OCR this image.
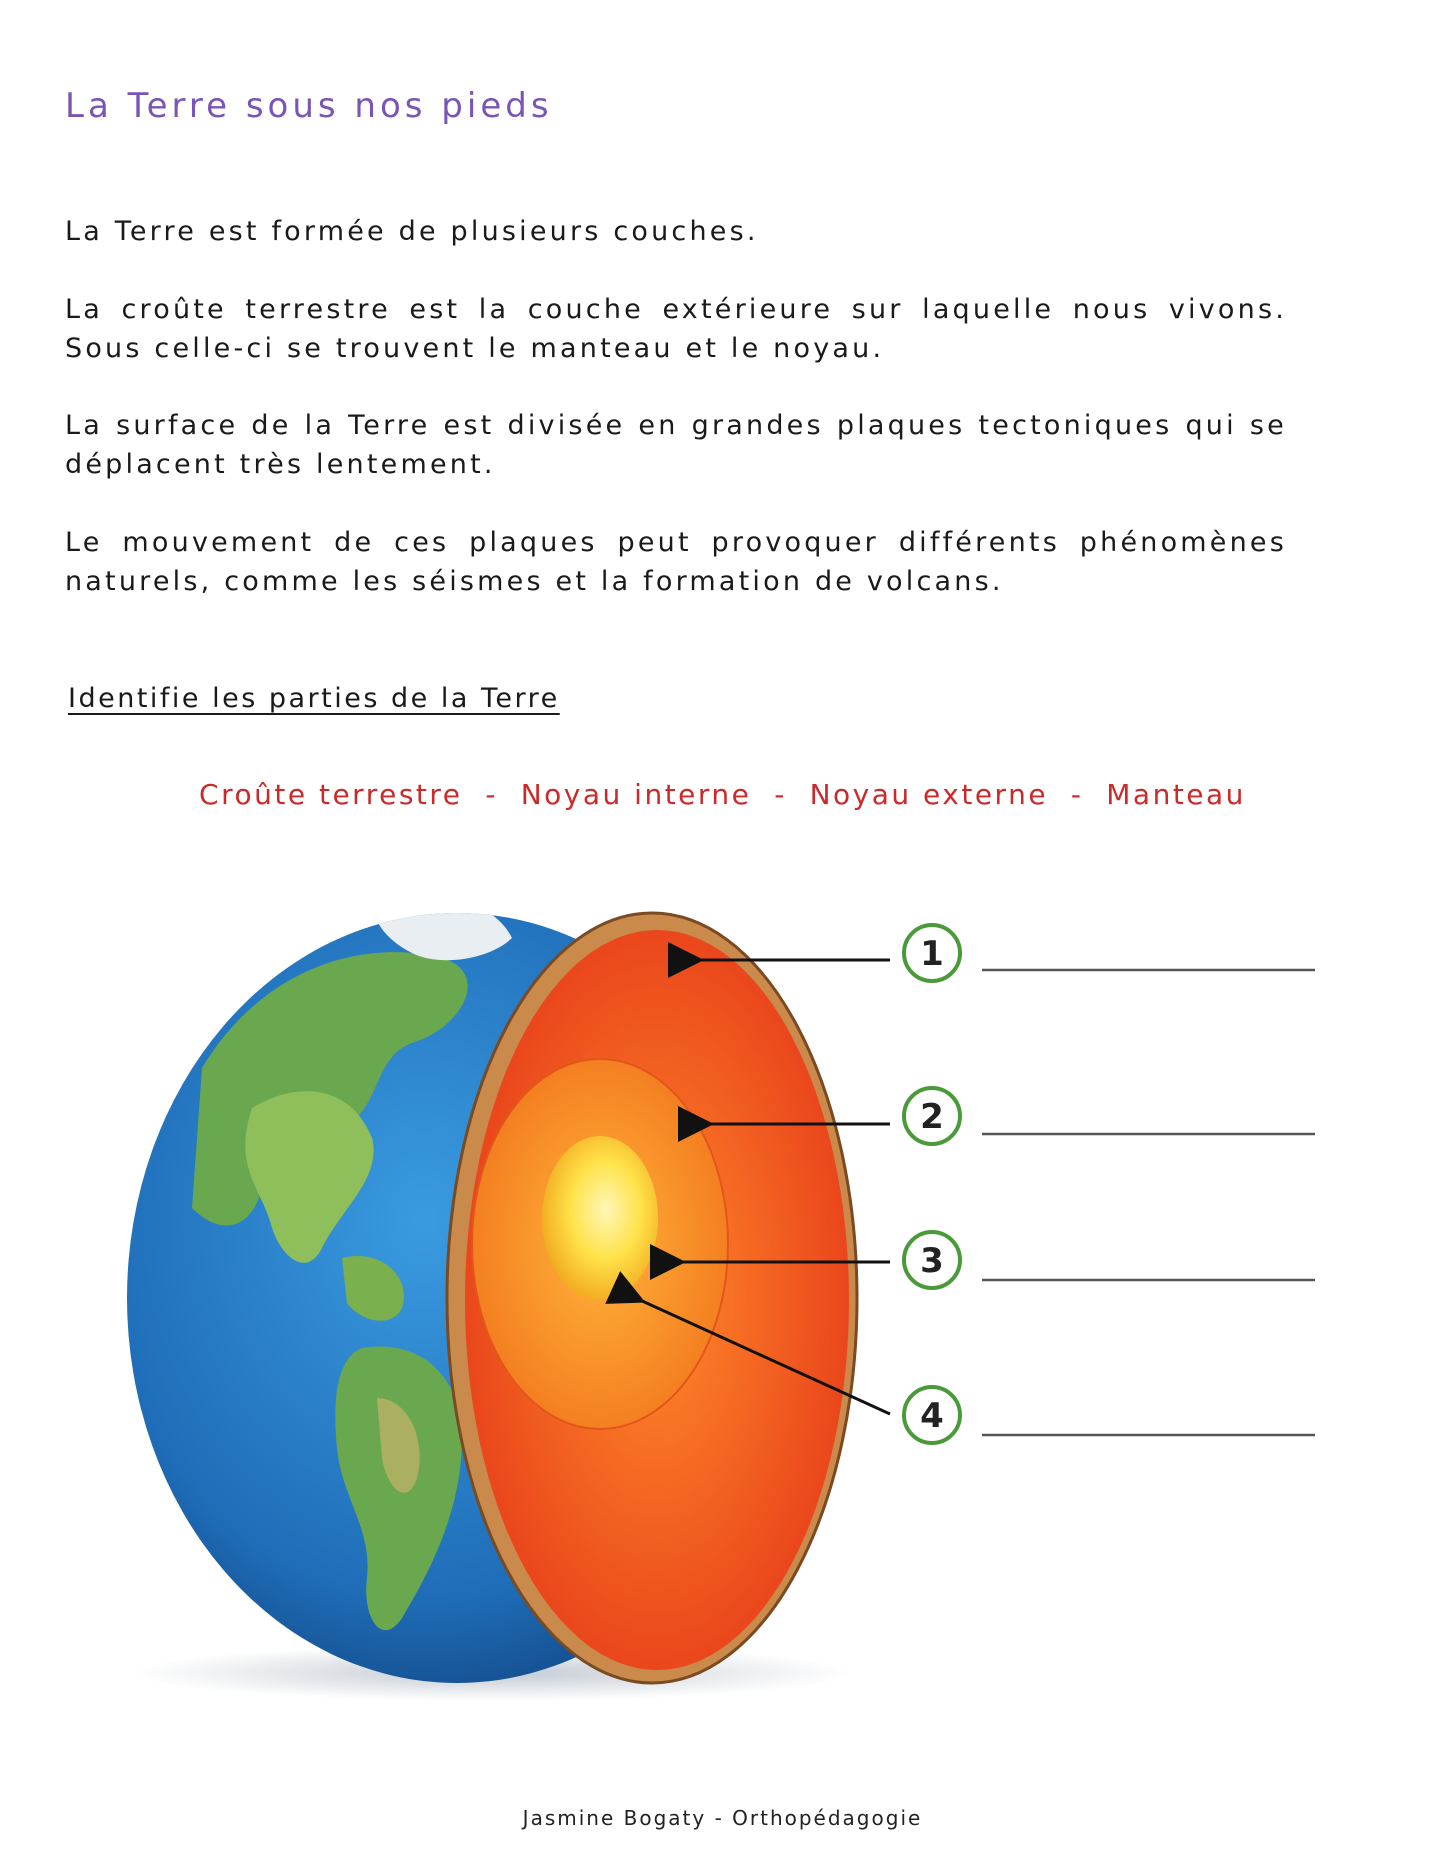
La Terre sous nos pieds

La Terre est formée de plusieurs couches.

La croûte terrestre est la couche extérieure sur laquelle nous vivons. Sous celle-ci se trouvent le manteau et le noyau.

La surface de la Terre est divisée en grandes plaques tectoniques qui se déplacent très lentement.

Le mouvement de ces plaques peut provoquer différents phénomènes naturels, comme les séismes et la formation de volcans.

Identifie les parties de la Terre
Croûte terrestre  -  Noyau interne  -  Noyau externe  -  Manteau
1
2
3
4
Jasmine Bogaty - Orthopédagogie
